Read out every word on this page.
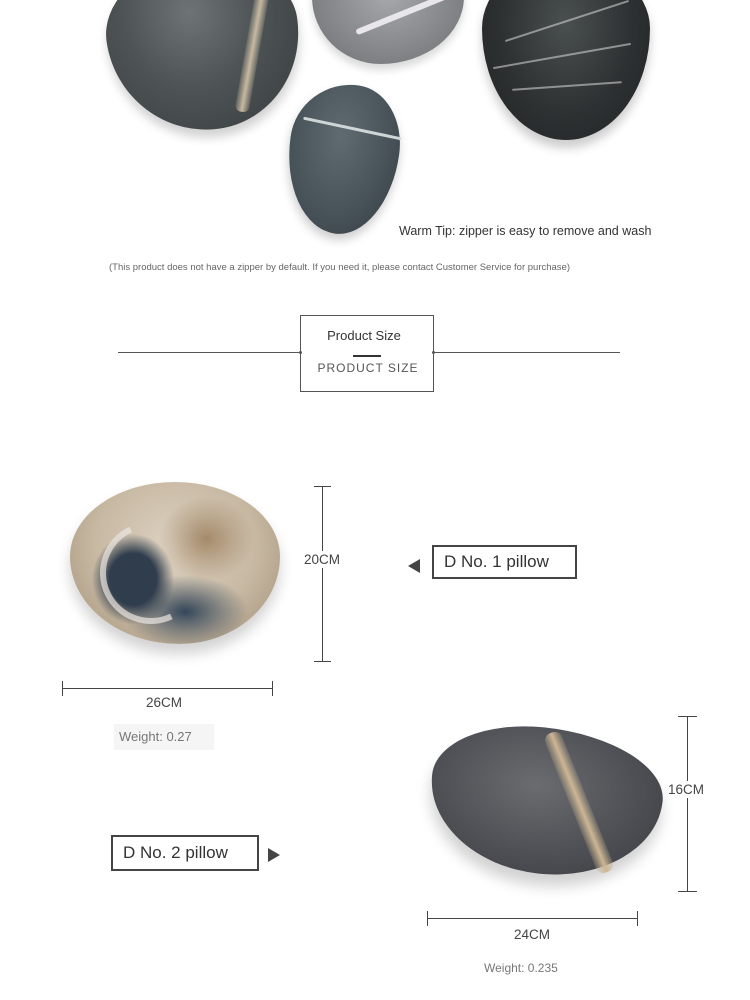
Warm Tip: zipper is easy to remove and wash
(This product does not have a zipper by default. If you need it, please contact Customer Service for purchase)
Product Size
PRODUCT SIZE
20CM
26CM
Weight: 0.27
D No. 1 pillow
16CM
24CM
Weight: 0.235
D No. 2 pillow
